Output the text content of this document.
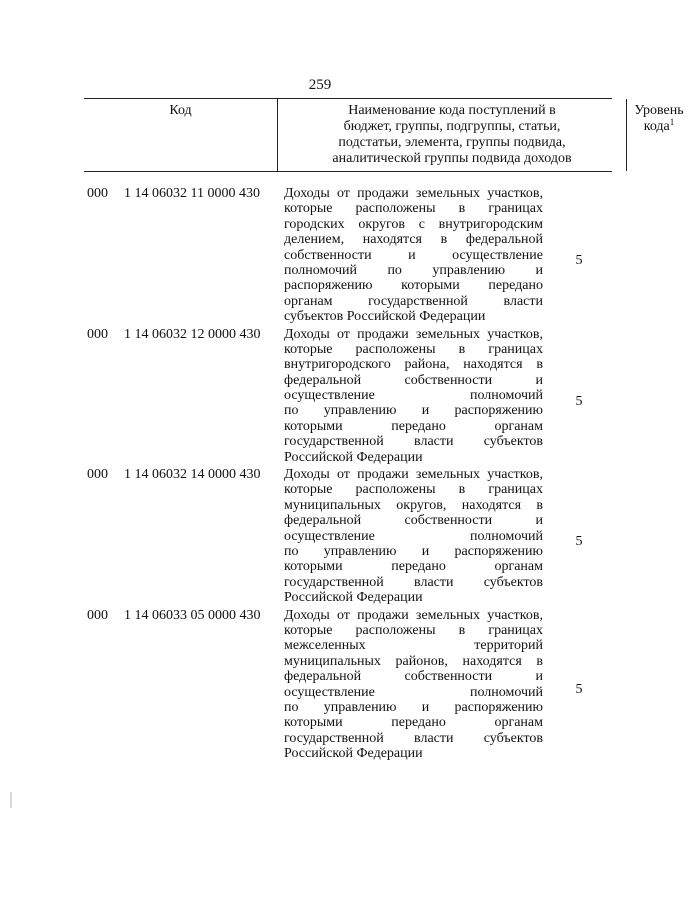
259
Код	Наименование кода поступлений в
бюджет, группы, подгруппы, статьи,
подстатьи, элемента, группы подвида,
аналитической группы подвида доходов
Уровень
кода$^1$
000	1 14 06032 11 0000 430	Доходы от продажи земельных участков,
которые расположены в границах
городских округов с внутригородским
делением, находятся в федеральной
собственности и осуществление
полномочий по управлению и
распоряжению которыми передано
органам государственной власти
субъектов Российской Федерации
5
000	1 14 06032 12 0000 430	Доходы от продажи земельных участков,
которые расположены в границах
внутригородского района, находятся в
федеральной собственности и
осуществление полномочий
по управлению и распоряжению
которыми передано органам
государственной власти субъектов
Российской Федерации
5
000	1 14 06032 14 0000 430	Доходы от продажи земельных участков,
которые расположены в границах
муниципальных округов, находятся в
федеральной собственности и
осуществление полномочий
по управлению и распоряжению
которыми передано органам
государственной власти субъектов
Российской Федерации
5
000	1 14 06033 05 0000 430	Доходы от продажи земельных участков,
которые расположены в границах
межселенных территорий
муниципальных районов, находятся в
федеральной собственности и
осуществление полномочий
по управлению и распоряжению
которыми передано органам
государственной власти субъектов
Российской Федерации
5
